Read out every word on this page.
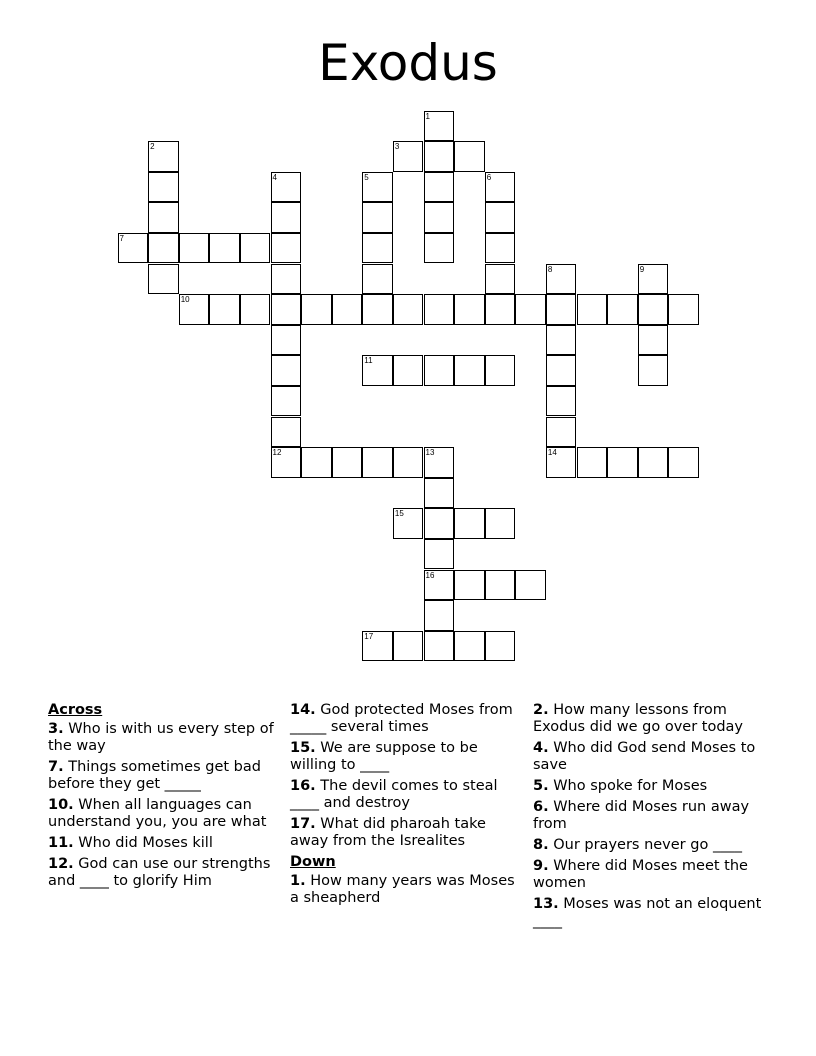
Exodus
1
2	3
4
12
5	6
7
8
14
9
10
11
13
16
15
17
Across
3. Who is with us every step of the way
7. Things sometimes get bad before they get _____
10. When all languages can understand you, you are what
11. Who did Moses kill
12. God can use our strengths and ____ to glorify Him
14. God protected Moses from _____ several times
15. We are suppose to be willing to ____
16. The devil comes to steal ____ and destroy
17. What did pharoah take away from the Isrealites
Down
1. How many years was Moses a sheapherd
2. How many lessons from Exodus did we go over today
4. Who did God send Moses to save
5. Who spoke for Moses
6. Where did Moses run away from
8. Our prayers never go ____
9. Where did Moses meet the women
13. Moses was not an eloquent ____
